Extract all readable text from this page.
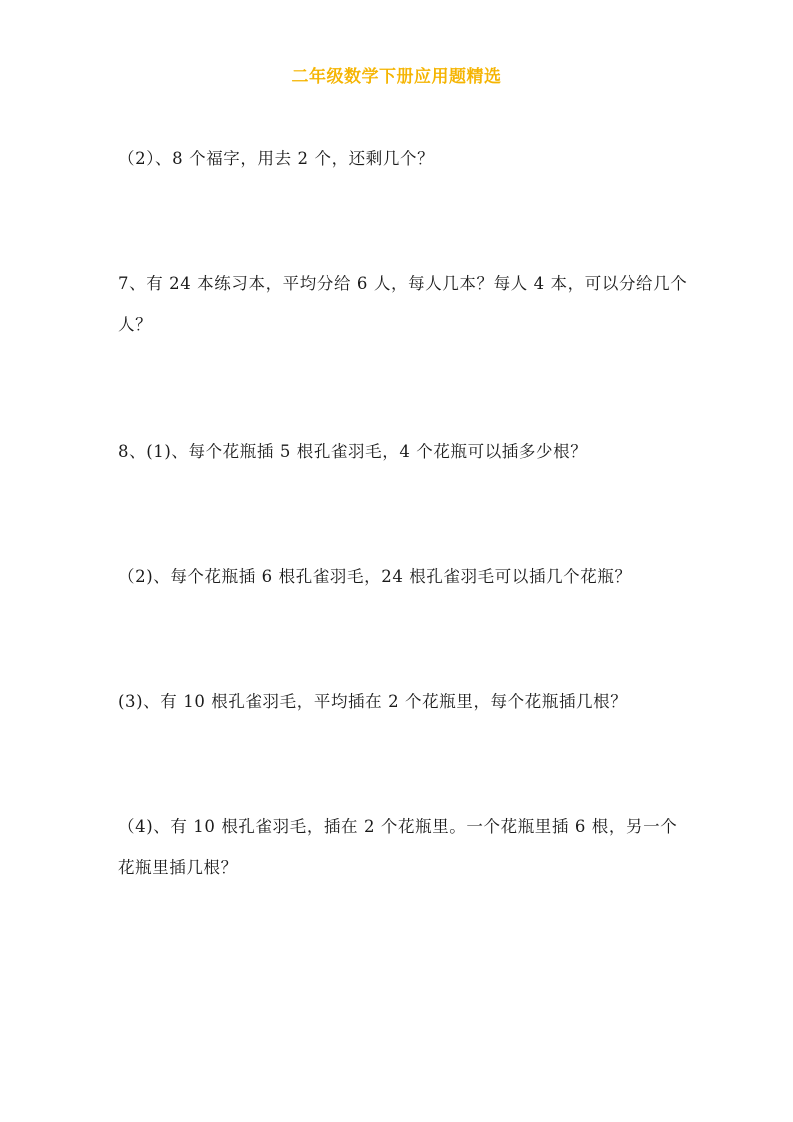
二年级数学下册应用题精选
（2）、8 个福字，用去 2 个，还剩几个？
7、有 24 本练习本，平均分给 6 人，每人几本？每人 4 本，可以分给几个人？
8、(1)、每个花瓶插 5 根孔雀羽毛，4 个花瓶可以插多少根？
（2)、每个花瓶插 6 根孔雀羽毛，24 根孔雀羽毛可以插几个花瓶？
(3)、有 10 根孔雀羽毛，平均插在 2 个花瓶里，每个花瓶插几根？
（4)、有 10 根孔雀羽毛，插在 2 个花瓶里。一个花瓶里插 6 根，另一个花瓶里插几根？
